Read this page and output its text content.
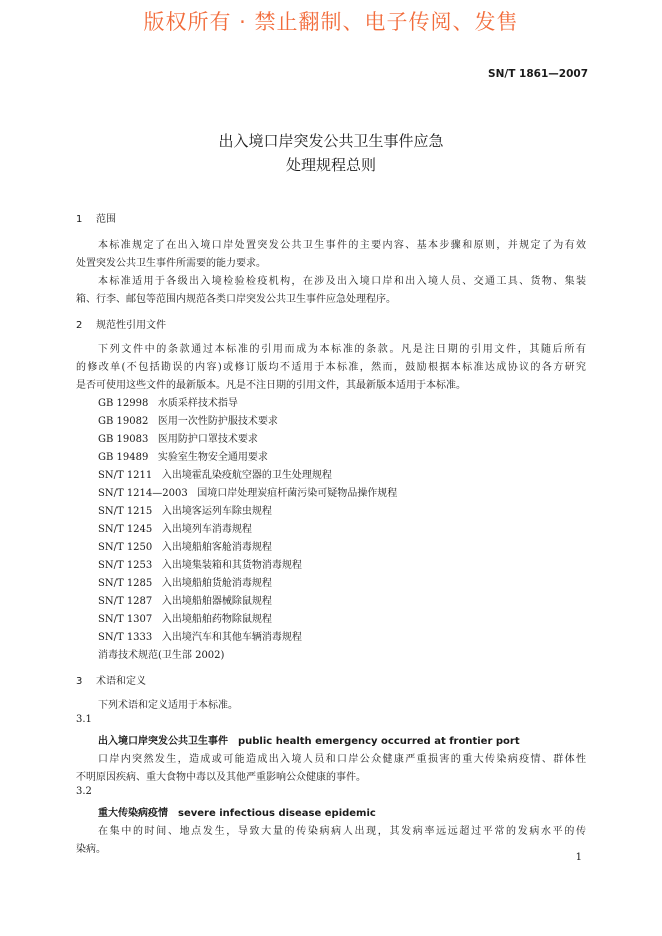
版权所有 · 禁止翻制、电子传阅、发售
SN/T 1861—2007
出入境口岸突发公共卫生事件应急
处理规程总则
1 范围
本标准规定了在出入境口岸处置突发公共卫生事件的主要内容、基本步骤和原则，并规定了为有效
处置突发公共卫生事件所需要的能力要求。
本标准适用于各级出入境检验检疫机构，在涉及出入境口岸和出入境人员、交通工具、货物、集装
箱、行李、邮包等范围内规范各类口岸突发公共卫生事件应急处理程序。
2 规范性引用文件
下列文件中的条款通过本标准的引用而成为本标准的条款。凡是注日期的引用文件，其随后所有
的修改单(不包括勘误的内容)或修订版均不适用于本标准，然而，鼓励根据本标准达成协议的各方研究
是否可使用这些文件的最新版本。凡是不注日期的引用文件，其最新版本适用于本标准。
GB 12998 水质采样技术指导
GB 19082 医用一次性防护服技术要求
GB 19083 医用防护口罩技术要求
GB 19489 实验室生物安全通用要求
SN/T 1211 入出境霍乱染疫航空器的卫生处理规程
SN/T 1214—2003 国境口岸处理炭疽杆菌污染可疑物品操作规程
SN/T 1215 入出境客运列车除虫规程
SN/T 1245 入出境列车消毒规程
SN/T 1250 入出境船舶客舱消毒规程
SN/T 1253 入出境集装箱和其货物消毒规程
SN/T 1285 入出境船舶货舱消毒规程
SN/T 1287 入出境船舶器械除鼠规程
SN/T 1307 入出境船舶药物除鼠规程
SN/T 1333 入出境汽车和其他车辆消毒规程
消毒技术规范(卫生部 2002)
3 术语和定义
下列术语和定义适用于本标准。
3.1
出入境口岸突发公共卫生事件 public health emergency occurred at frontier port
口岸内突然发生，造成或可能造成出入境人员和口岸公众健康严重损害的重大传染病疫情、群体性
不明原因疾病、重大食物中毒以及其他严重影响公众健康的事件。
3.2
重大传染病疫情 severe infectious disease epidemic
在集中的时间、地点发生，导致大量的传染病病人出现，其发病率远远超过平常的发病水平的传
染病。
1
